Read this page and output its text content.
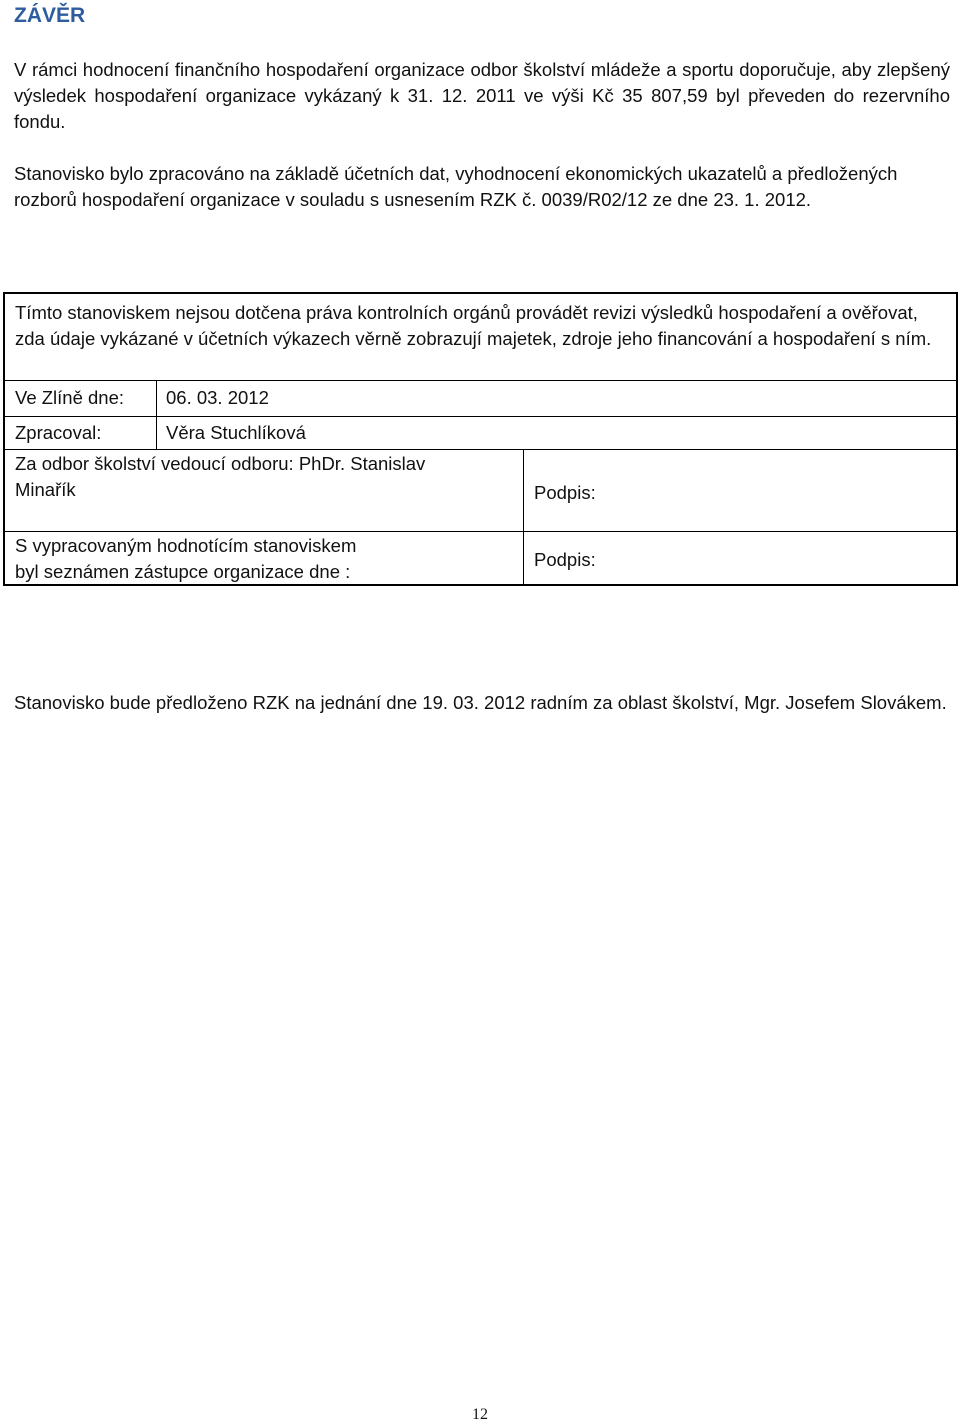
ZÁVĚR

V rámci hodnocení finančního hospodaření organizace odbor školství mládeže a sportu doporučuje, aby zlepšený výsledek hospodaření organizace vykázaný k 31. 12. 2011 ve výši Kč 35 807,59 byl převeden do rezervního fondu.

Stanovisko bylo zpracováno na základě účetních dat, vyhodnocení ekonomických ukazatelů a předložených rozborů hospodaření organizace v souladu s usnesením RZK č. 0039/R02/12 ze dne 23. 1. 2012.

Tímto stanoviskem nejsou dotčena práva kontrolních orgánů provádět revizi výsledků hospodaření a ověřovat, zda údaje vykázané v účetních výkazech věrně zobrazují majetek, zdroje jeho financování a hospodaření s ním.

Ve Zlíně dne: 06. 03. 2012
Zpracoval:	Věra Stuchlíková
Za odbor školství vedoucí odboru: PhDr. Stanislav
Minařík	Podpis:
S vypracovaným hodnotícím stanoviskem
byl seznámen zástupce organizace dne :
Podpis:

Stanovisko bude předloženo RZK na jednání dne 19. 03. 2012 radním za oblast školství, Mgr. Josefem Slovákem.

12
